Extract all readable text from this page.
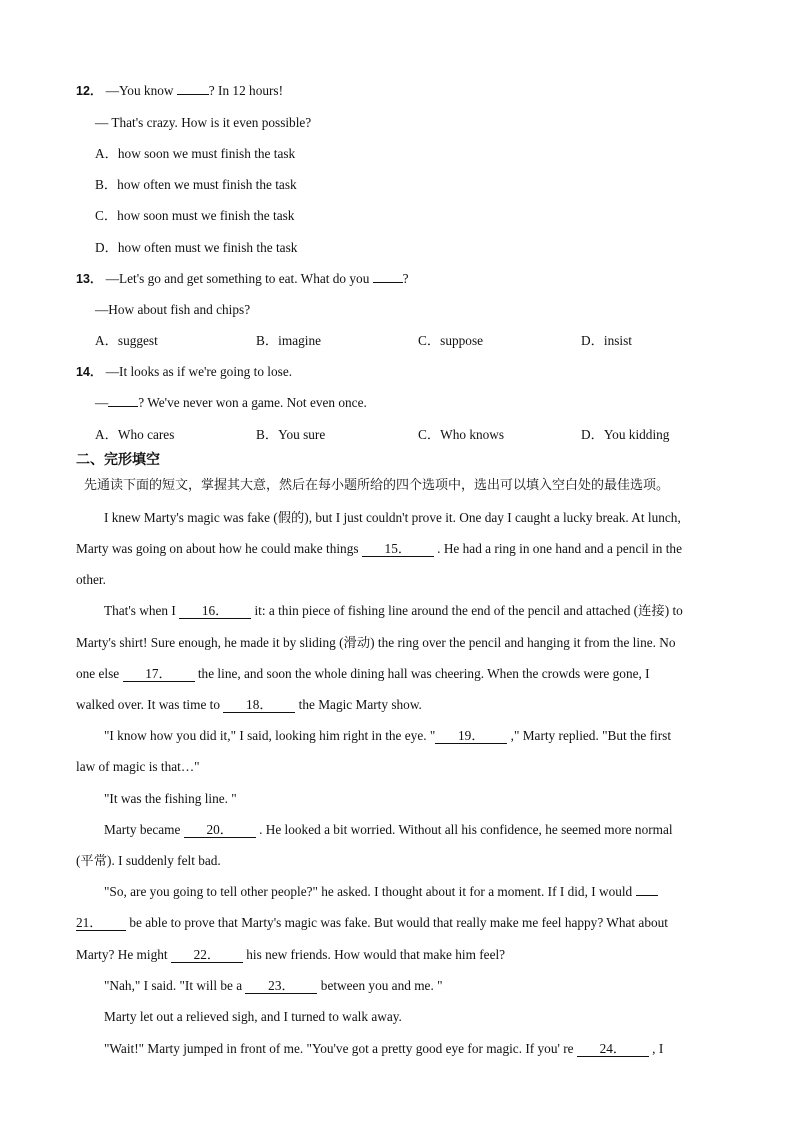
12． —You know ? In 12 hours!
— That's crazy. How is it even possible?
A．how soon we must finish the task
B．how often we must finish the task
C．how soon must we finish the task
D．how often must we finish the task
13． —Let's go and get something to eat. What do you ?
—How about fish and chips?
A．suggest	B．imagine	C．suppose	D．insist
14． —It looks as if we're going to lose.
— ? We've never won a game. Not even once.
A．Who cares	B．You sure	C．Who knows	D．You kidding
二、完形填空
先通读下面的短文，掌握其大意，然后在每小题所给的四个选项中，选出可以填入空白处的最佳选项。
I knew Marty's magic was fake (假的), but I just couldn't prove it. One day I caught a lucky break. At lunch,
Marty was going on about how he could make things 15． . He had a ring in one hand and a pencil in the
other.
That's when I 16． it: a thin piece of fishing line around the end of the pencil and attached (连接) to
Marty's shirt! Sure enough, he made it by sliding (滑动) the ring over the pencil and hanging it from the line. No
one else 17． the line, and soon the whole dining hall was cheering. When the crowds were gone, I
walked over. It was time to 18． the Magic Marty show.
"I know how you did it," I said, looking him right in the eye. " 19． ," Marty replied. "But the first
law of magic is that…"
"It was the fishing line. "
Marty became 20． . He looked a bit worried. Without all his confidence, he seemed more normal
(平常). I suddenly felt bad.
"So, are you going to tell other people?" he asked. I thought about it for a moment. If I did, I would
21． be able to prove that Marty's magic was fake. But would that really make me feel happy? What about
Marty? He might 22． his new friends. How would that make him feel?
"Nah," I said. "It will be a 23． between you and me. "
Marty let out a relieved sigh, and I turned to walk away.
"Wait!" Marty jumped in front of me. "You've got a pretty good eye for magic. If you' re 24． , I
